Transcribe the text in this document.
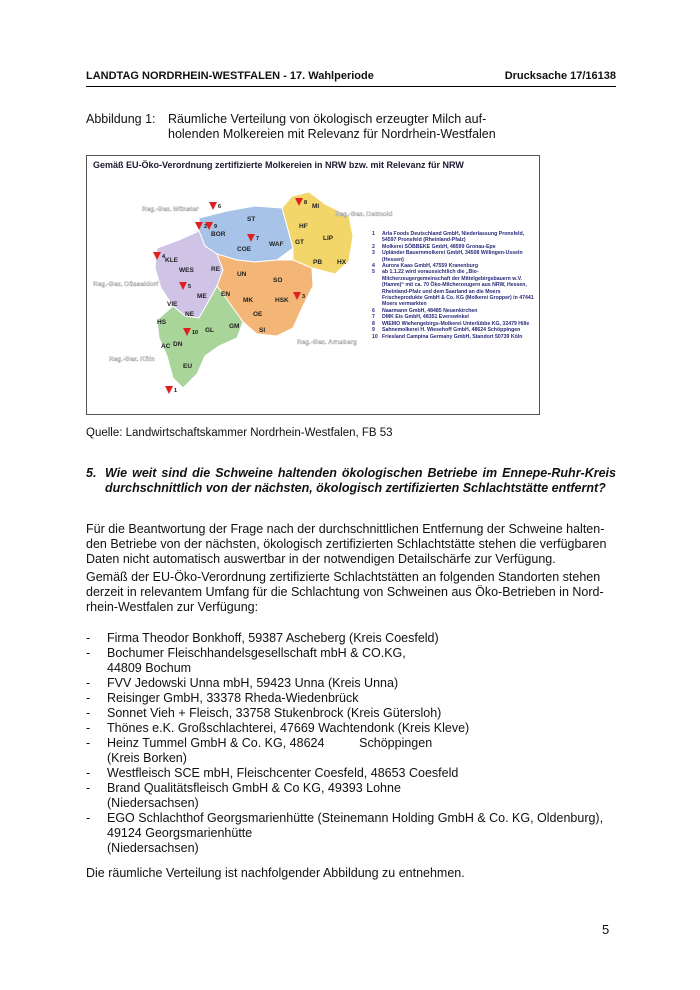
LANDTAG NORDRHEIN-WESTFALEN - 17. Wahlperiode	Drucksache 17/16138
Abbildung 1: Räumliche Verteilung von ökologisch erzeugter Milch aufholenden Molkereien mit Relevanz für Nordrhein-Westfalen
Gemäß EU-Öko-Verordnung zertifizierte Molkereien in NRW bzw. mit Relevanz für NRW
ST
BOR
COE
WAF
MI
HF
LIP
GT
PB HX
KLE
WES	RE
UN
SO
EN
MK	HSK
ME
VIE
NE
GL
GM
OE
SI
HS
DN
AC
EU
Reg.-Bez. Münster
Reg.-Bez. Detmold
Reg.-Bez. Düsseldorf
Reg.-Bez. Arnsberg
Reg.-Bez. Köln
6
2 9
7
8
4
5
3
10
1
1 Arla Foods Deutschland GmbH, Niederlassung Pronsfeld, 54597 Pronsfeld (Rheinland-Pfalz)
2 Molkerei SÖBBEKE GmbH, 48599 Gronau-Epe
3 Upländer Bauernmolkerei GmbH, 34508 Willingen-Usseln (Hessen)
4 Aurora Kaas GmbH, 47559 Kranenburg
5 ab 1.1.22 wird voraussichtlich die „Bio-Milcherzeugergemeinschaft der Mittelgebirgsbauern w.V. (Hamm)“ mit ca. 70 Öko-Milcherzeugern aus NRW, Hessen, Rheinland-Pfalz und dem Saarland an die Moers Frischeprodukte GmbH & Co. KG (Molkerei Gropper) in 47441 Moers vermarkten
6 Naarmann GmbH, 48485 Neuenkirchen
7 DMK Eis GmbH, 48351 Everswinkel
8 WIEMO Wiehengebirgs-Molkerei Unterlübbe KG, 32479 Hille
9 Sahnemolkerei H. Wiesehoff GmbH, 48624 Schöppingen
10 Friesland Campina Germany GmbH, Standort 50739 Köln
Quelle: Landwirtschaftskammer Nordrhein-Westfalen, FB 53
5. Wie weit sind die Schweine haltenden ökologischen Betriebe im Ennepe-Ruhr-Kreis durchschnittlich von der nächsten, ökologisch zertifizierten Schlachtstätte entfernt?
Für die Beantwortung der Frage nach der durchschnittlichen Entfernung der Schweine haltenden Betriebe von der nächsten, ökologisch zertifizierten Schlachtstätte stehen die verfügbaren Daten nicht automatisch auswertbar in der notwendigen Detailschärfe zur Verfügung.
Gemäß der EU-Öko-Verordnung zertifizierte Schlachtstätten an folgenden Standorten stehen derzeit in relevantem Umfang für die Schlachtung von Schweinen aus Öko-Betrieben in Nordrhein-Westfalen zur Verfügung:
- Firma Theodor Bonkhoff, 59387 Ascheberg (Kreis Coesfeld)
- Bochumer Fleischhandelsgesellschaft mbH & CO.KG,
44809 Bochum
- FVV Jedowski Unna mbH, 59423 Unna (Kreis Unna)
- Reisinger GmbH, 33378 Rheda-Wiedenbrück
- Sonnet Vieh + Fleisch, 33758 Stukenbrock (Kreis Gütersloh)
- Thönes e.K. Großschlachterei, 47669 Wachtendonk (Kreis Kleve)
- Heinz Tummel GmbH & Co. KG, 48624          Schöppingen
(Kreis Borken)
- Westfleisch SCE mbH, Fleischcenter Coesfeld, 48653 Coesfeld
- Brand Qualitätsfleisch GmbH & Co KG, 49393 Lohne
(Niedersachsen)
- EGO Schlachthof Georgsmarienhütte (Steinemann Holding GmbH & Co. KG, Oldenburg), 49124 Georgsmarienhütte
(Niedersachsen)
Die räumliche Verteilung ist nachfolgender Abbildung zu entnehmen.
5
